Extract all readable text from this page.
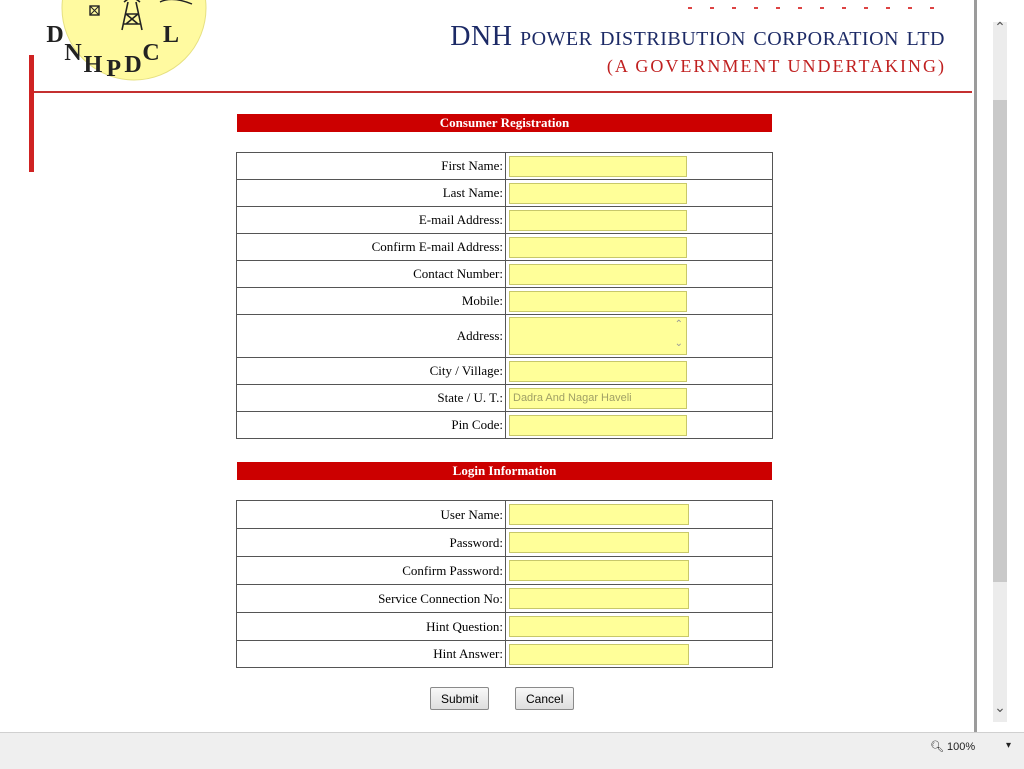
D N H P D C L	DNH power distribution corporation ltd
(A GOVERNMENT UNDERTAKING)
Consumer Registration
First Name:	

Last Name:	

E-mail Address:	

Confirm E-mail Address:	

Contact Number:	

Mobile:	

Address:	⌃
⌄

City / Village:	

State / U. T.:	
Dadra And Nagar Haveli
Pin Code:	
Login Information
User Name:	

Password:	

Confirm Password:	

Service Connection No:	

Hint Question:	

Hint Answer:	
Submit	Cancel
⌃
⌄
🔍︎ 100%	▾
